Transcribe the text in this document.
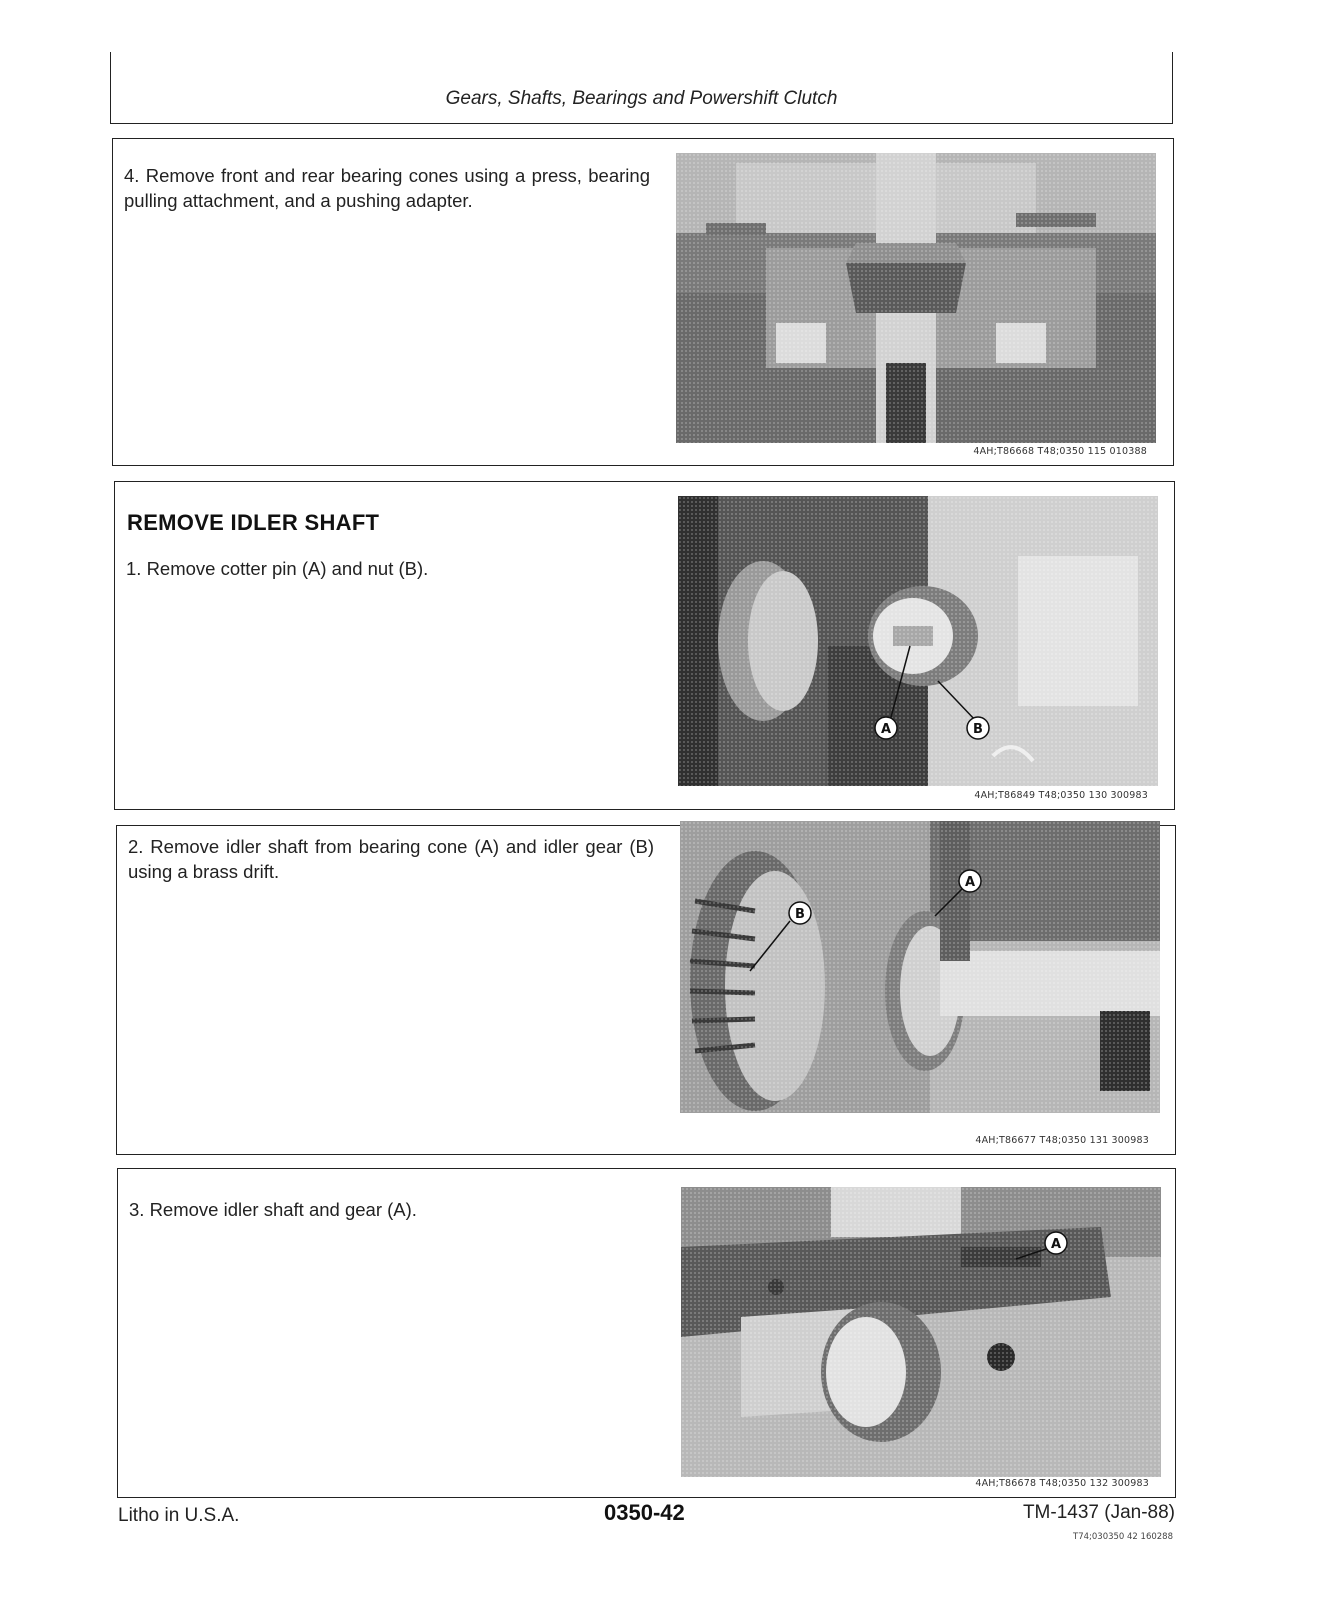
Gears, Shafts, Bearings and Powershift Clutch
4. Remove front and rear bearing cones using a press, bearing pulling attachment, and a pushing adapter.
4AH;T86668 T48;0350 115 010388
REMOVE IDLER SHAFT
1. Remove cotter pin (A) and nut (B).
A	B
4AH;T86849 T48;0350 130 300983
2. Remove idler shaft from bearing cone (A) and idler gear (B) using a brass drift.
B
A
4AH;T86677 T48;0350 131 300983
3. Remove idler shaft and gear (A).
A
4AH;T86678 T48;0350 132 300983
Litho in U.S.A.	0350-42	TM-1437 (Jan-88)
T74;030350 42 160288
